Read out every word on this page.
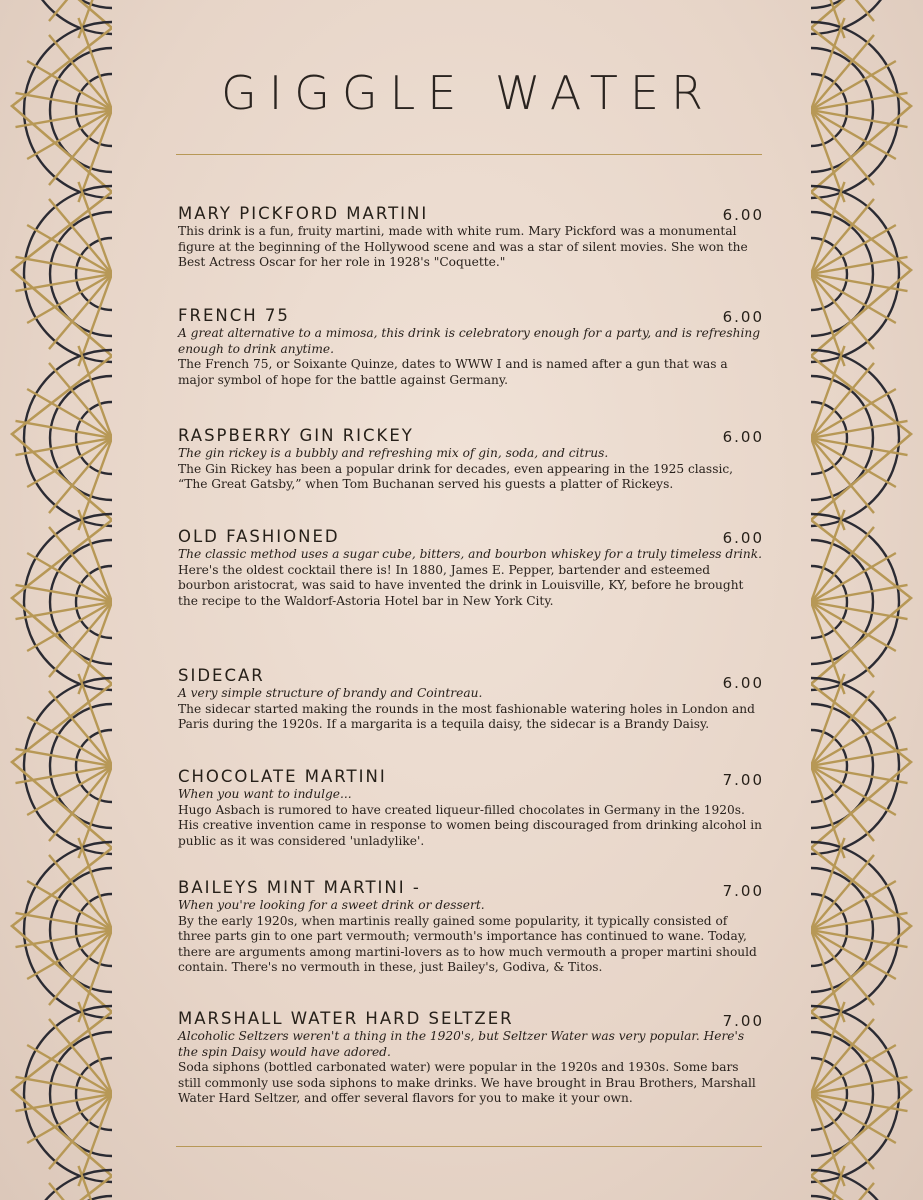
GIGGLE WATER
MARY PICKFORD MARTINI	6.00

This drink is a fun, fruity martini, made with white rum. Mary Pickford was a monumental figure at the beginning of the Hollywood scene and was a star of silent movies. She won the Best Actress Oscar for her role in 1928's "Coquette."

FRENCH 75	6.00

A great alternative to a mimosa, this drink is celebratory enough for a party, and is refreshing enough to drink anytime.

The French 75, or Soixante Quinze, dates to WWW I and is named after a gun that was a major symbol of hope for the battle against Germany.

RASPBERRY GIN RICKEY	6.00

The gin rickey is a bubbly and refreshing mix of gin, soda, and citrus.

The Gin Rickey has been a popular drink for decades, even appearing in the 1925 classic, “The Great Gatsby,” when Tom Buchanan served his guests a platter of Rickeys.

OLD FASHIONED	6.00

The classic method uses a sugar cube, bitters, and bourbon whiskey for a truly timeless drink.

Here's the oldest cocktail there is! In 1880, James E. Pepper, bartender and esteemed bourbon aristocrat, was said to have invented the drink in Louisville, KY, before he brought the recipe to the Waldorf-Astoria Hotel bar in New York City.

SIDECAR	6.00

A very simple structure of brandy and Cointreau.

The sidecar started making the rounds in the most fashionable watering holes in London and Paris during the 1920s. If a margarita is a tequila daisy, the sidecar is a Brandy Daisy.

CHOCOLATE MARTINI	7.00

When you want to indulge...

Hugo Asbach is rumored to have created liqueur-filled chocolates in Germany in the 1920s. His creative invention came in response to women being discouraged from drinking alcohol in public as it was considered 'unladylike'.

BAILEYS MINT MARTINI -	7.00

When you're looking for a sweet drink or dessert.

By the early 1920s, when martinis really gained some popularity, it typically consisted of three parts gin to one part vermouth; vermouth's importance has continued to wane. Today, there are arguments among martini-lovers as to how much vermouth a proper martini should contain. There's no vermouth in these, just Bailey's, Godiva, & Titos.

MARSHALL WATER HARD SELTZER	7.00

Alcoholic Seltzers weren't a thing in the 1920's, but Seltzer Water was very popular. Here's the spin Daisy would have adored.

Soda siphons (bottled carbonated water) were popular in the 1920s and 1930s. Some bars still commonly use soda siphons to make drinks. We have brought in Brau Brothers, Marshall Water Hard Seltzer, and offer several flavors for you to make it your own.
